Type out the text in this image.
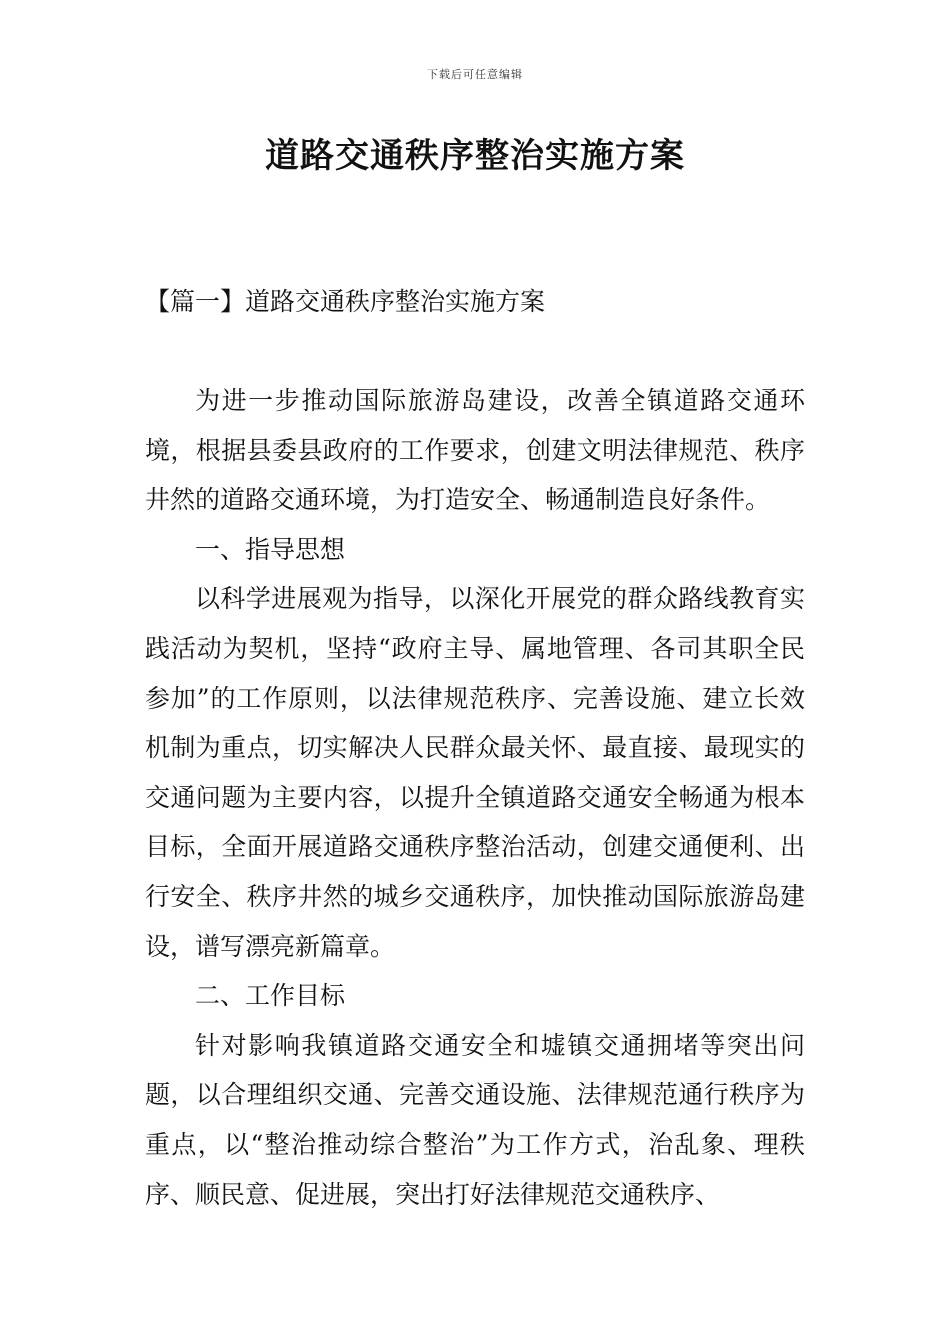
下载后可任意编辑
道路交通秩序整治实施方案
【篇一】道路交通秩序整治实施方案

为进一步推动国际旅游岛建设，改善全镇道路交通环境，根据县委县政府的工作要求，创建文明法律规范、秩序井然的道路交通环境，为打造安全、畅通制造良好条件。

一、指导思想

以科学进展观为指导，以深化开展党的群众路线教育实践活动为契机，坚持“政府主导、属地管理、各司其职全民参加”的工作原则，以法律规范秩序、完善设施、建立长效机制为重点，切实解决人民群众最关怀、最直接、最现实的交通问题为主要内容，以提升全镇道路交通安全畅通为根本目标，全面开展道路交通秩序整治活动，创建交通便利、出行安全、秩序井然的城乡交通秩序，加快推动国际旅游岛建设，谱写漂亮新篇章。

二、工作目标

针对影响我镇道路交通安全和墟镇交通拥堵等突出问题，以合理组织交通、完善交通设施、法律规范通行秩序为重点，以“整治推动综合整治”为工作方式，治乱象、理秩序、顺民意、促进展，突出打好法律规范交通秩序、
